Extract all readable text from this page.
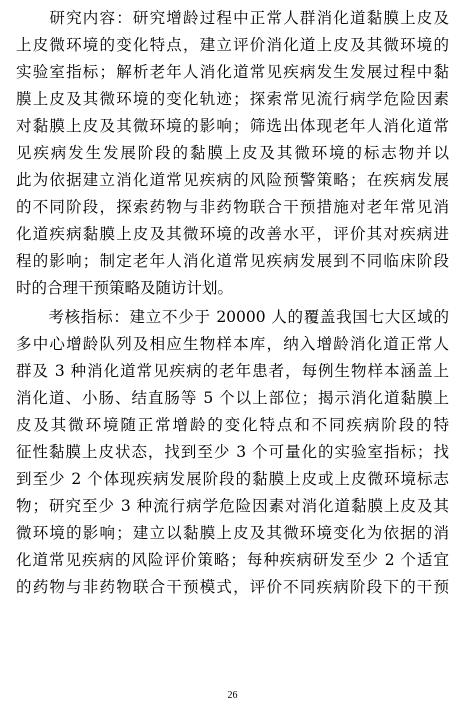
　　研究内容：研究增龄过程中正常人群消化道黏膜上皮及
上皮微环境的变化特点，建立评价消化道上皮及其微环境的
实验室指标；解析老年人消化道常见疾病发生发展过程中黏
膜上皮及其微环境的变化轨迹；探索常见流行病学危险因素
对黏膜上皮及其微环境的影响；筛选出体现老年人消化道常
见疾病发生发展阶段的黏膜上皮及其微环境的标志物并以
此为依据建立消化道常见疾病的风险预警策略；在疾病发展
的不同阶段，探索药物与非药物联合干预措施对老年常见消
化道疾病黏膜上皮及其微环境的改善水平，评价其对疾病进
程的影响；制定老年人消化道常见疾病发展到不同临床阶段
时的合理干预策略及随访计划。
　　考核指标：建立不少于 20000 人的覆盖我国七大区域的
多中心增龄队列及相应生物样本库，纳入增龄消化道正常人
群及 3 种消化道常见疾病的老年患者，每例生物样本涵盖上
消化道、小肠、结直肠等 5 个以上部位；揭示消化道黏膜上
皮及其微环境随正常增龄的变化特点和不同疾病阶段的特
征性黏膜上皮状态，找到至少 3 个可量化的实验室指标；找
到至少 2 个体现疾病发展阶段的黏膜上皮或上皮微环境标志
物；研究至少 3 种流行病学危险因素对消化道黏膜上皮及其
微环境的影响；建立以黏膜上皮及其微环境变化为依据的消
化道常见疾病的风险评价策略；每种疾病研发至少 2 个适宜
的药物与非药物联合干预模式，评价不同疾病阶段下的干预
26
